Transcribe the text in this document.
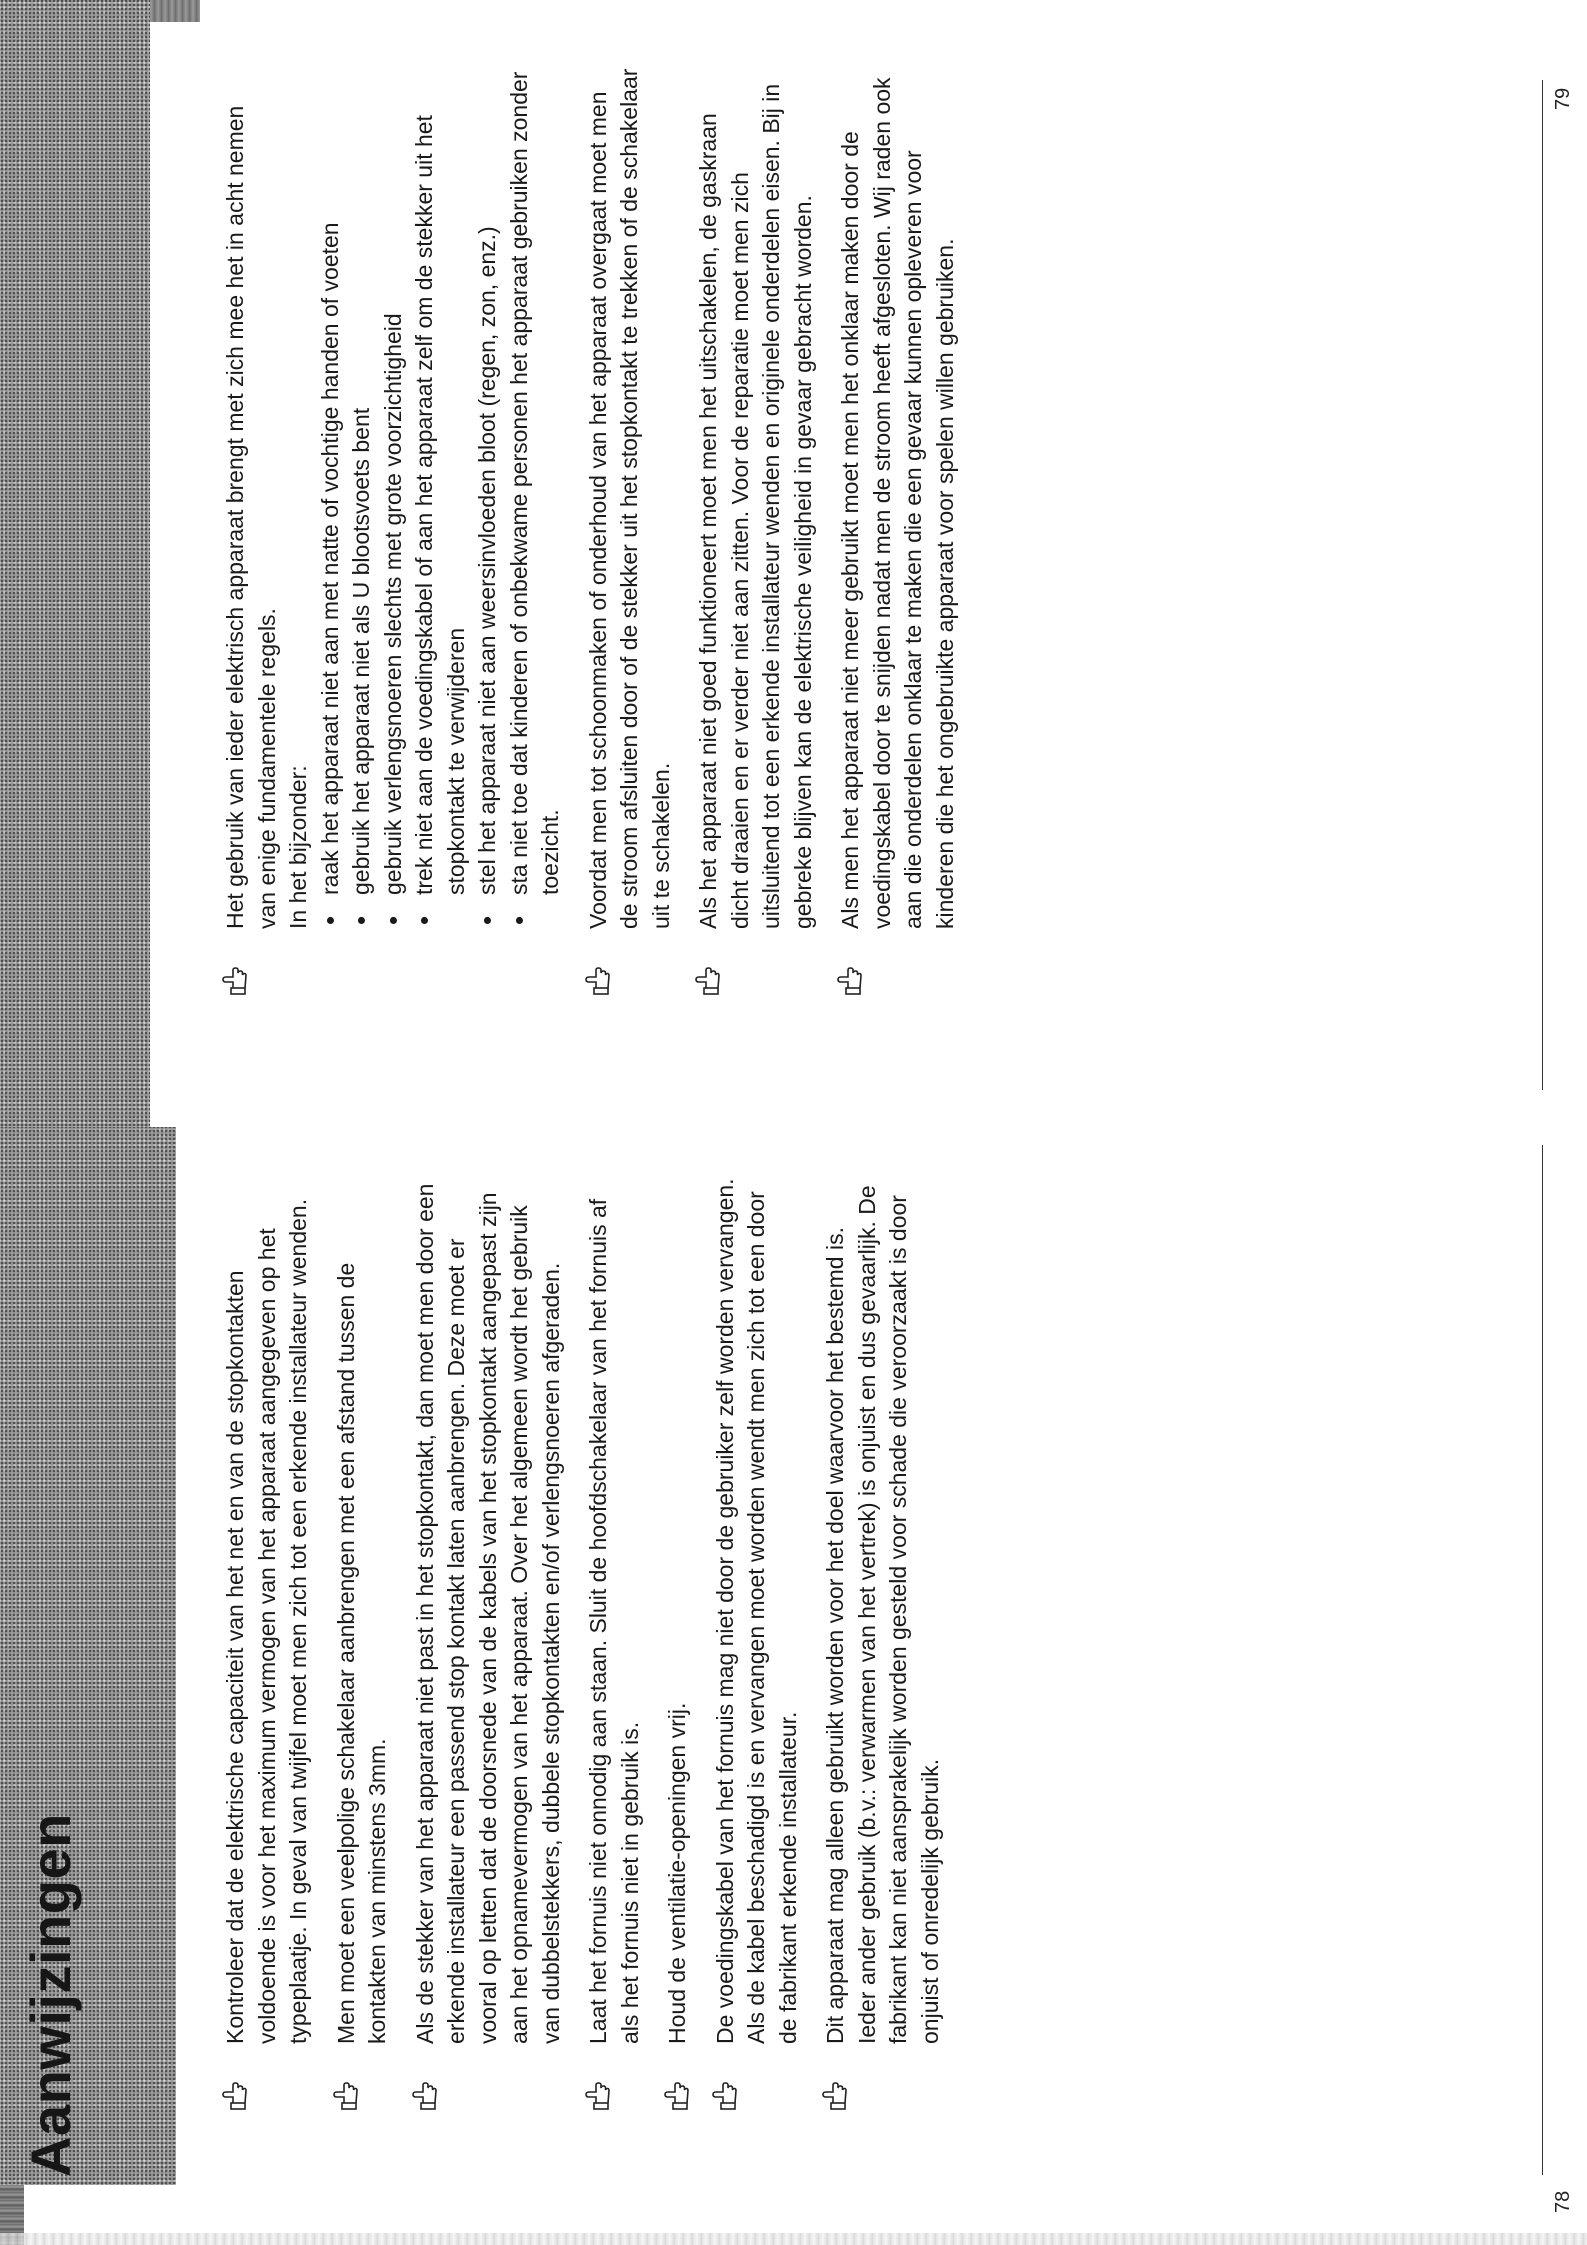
Aanwijzingen	Kontroleer dat de elektrische capaciteit van het net en van de stopkontakten voldoende is voor het maximum vermogen van het apparaat aangegeven op het typeplaatje. In geval van twijfel moet men zich tot een erkende installateur wenden. Men moet een veelpolige schakelaar aanbrengen met een afstand tussen de kontakten van minstens 3mm. Als de stekker van het apparaat niet past in het stopkontakt, dan moet men door een erkende installateur een passend stop kontakt laten aanbrengen. Deze moet er vooral op letten dat de doorsnede van de kabels van het stopkontakt aangepast zijn aan het opnamevermogen van het apparaat. Over het algemeen wordt het gebruik van dubbelstekkers, dubbele stopkontakten en/of verlengsnoeren afgeraden. Laat het fornuis niet onnodig aan staan. Sluit de hoofdschakelaar van het fornuis af als het fornuis niet in gebruik is. Houd de ventilatie-openingen vrij. De voedingskabel van het fornuis mag niet door de gebruiker zelf worden vervangen. Als de kabel beschadigd is en vervangen moet worden wendt men zich tot een door de fabrikant erkende installateur. Dit apparaat mag alleen gebruikt worden voor het doel waarvoor het bestemd is. Ieder ander gebruik (b.v.: verwarmen van het vertrek) is onjuist en dus gevaarlijk. De fabrikant kan niet aansprakelijk worden gesteld voor schade die veroorzaakt is door onjuist of onredelijk gebruik.

Het gebruik van ieder elektrisch apparaat brengt met zich mee het in acht nemen van enige fundamentele regels. In het bijzonder: • raak het apparaat niet aan met natte of vochtige handen of voeten • gebruik het apparaat niet als U blootsvoets bent • gebruik verlengsnoeren slechts met grote voorzichtigheid • trek niet aan de voedingskabel of aan het apparaat zelf om de stekker uit het stopkontakt te verwijderen • stel het apparaat niet aan weersinvloeden bloot (regen, zon, enz.) • sta niet toe dat kinderen of onbekwame personen het apparaat gebruiken zonder toezicht. Voordat men tot schoonmaken of onderhoud van het apparaat overgaat moet men de stroom afsluiten door of de stekker uit het stopkontakt te trekken of de schakelaar uit te schakelen. Als het apparaat niet goed funktioneert moet men het uitschakelen, de gaskraan dicht draaien en er verder niet aan zitten. Voor de reparatie moet men zich uitsluitend tot een erkende installateur wenden en originele onderdelen eisen. Bij in gebreke blijven kan de elektrische veiligheid in gevaar gebracht worden. Als men het apparaat niet meer gebruikt moet men het onklaar maken door de voedingskabel door te snijden nadat men de stroom heeft afgesloten. Wij raden ook aan die onderdelen onklaar te maken die een gevaar kunnen opleveren voor kinderen die het ongebruikte apparaat voor spelen willen gebruiken.

78
79
